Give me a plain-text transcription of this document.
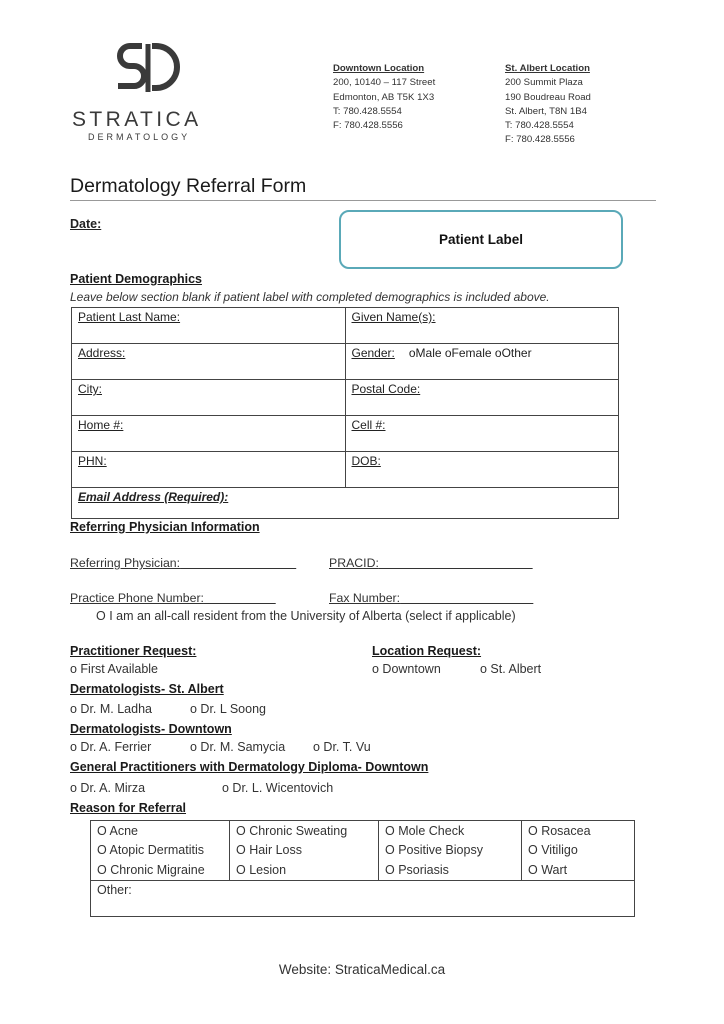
STRATICA
DERMATOLOGY
Downtown Location
200, 10140 – 117 Street
Edmonton, AB T5K 1X3
T: 780.428.5554
F: 780.428.5556
St. Albert Location
200 Summit Plaza
190 Boudreau Road
St. Albert, T8N 1B4
T: 780.428.5554
F: 780.428.5556
Dermatology Referral Form
Date:
Patient Label
Patient Demographics
Leave below section blank if patient label with completed demographics is included above.
Patient Last Name:	Given Name(s):
Address:	Gender: oMale oFemale oOther
City:	Postal Code:
Home #:	Cell #:
PHN:	DOB:
Email Address (Required):	
Referring Physician Information
Referring Physician:	PRACID:
Practice Phone Number:	Fax Number:
O I am an all-call resident from the University of Alberta (select if applicable)
Practitioner Request:	Location Request:
o First Available	o Downtown	o St. Albert
Dermatologists- St. Albert
o Dr. M. Ladha	o Dr. L Soong
Dermatologists- Downtown
o Dr. A. Ferrier	o Dr. M. Samycia o Dr. T. Vu
General Practitioners with Dermatology Diploma- Downtown
o Dr. A. Mirza	o Dr. L. Wicentovich
Reason for Referral
O Acne	O Chronic Sweating	O Mole Check	O Rosacea
O Atopic Dermatitis	O Hair Loss	O Positive Biopsy	O Vitiligo
O Chronic Migraine	O Lesion	O Psoriasis	O Wart
Other:			
Website: StraticaMedical.ca
